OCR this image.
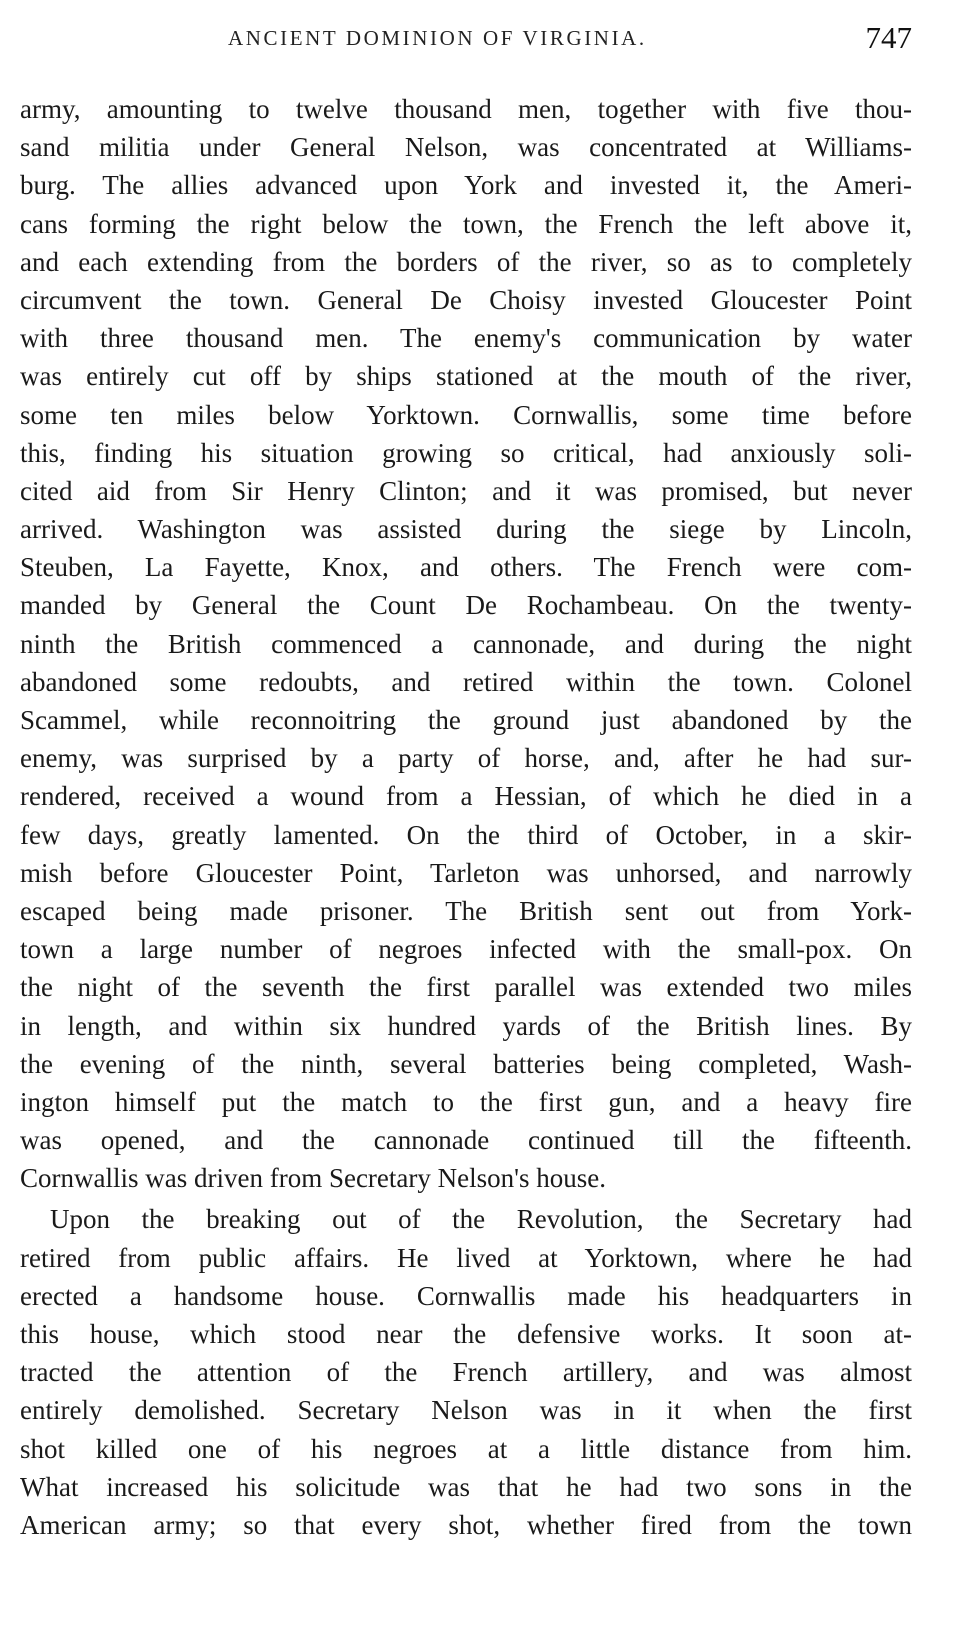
ANCIENT DOMINION OF VIRGINIA.	747
army, amounting to twelve thousand men, together with five thou-
sand militia under General Nelson, was concentrated at Williams-
burg. The allies advanced upon York and invested it, the Ameri-
cans forming the right below the town, the French the left above it,
and each extending from the borders of the river, so as to completely
circumvent the town. General De Choisy invested Gloucester Point
with three thousand men. The enemy's communication by water
was entirely cut off by ships stationed at the mouth of the river,
some ten miles below Yorktown. Cornwallis, some time before
this, finding his situation growing so critical, had anxiously soli-
cited aid from Sir Henry Clinton; and it was promised, but never
arrived. Washington was assisted during the siege by Lincoln,
Steuben, La Fayette, Knox, and others. The French were com-
manded by General the Count De Rochambeau. On the twenty-
ninth the British commenced a cannonade, and during the night
abandoned some redoubts, and retired within the town. Colonel
Scammel, while reconnoitring the ground just abandoned by the
enemy, was surprised by a party of horse, and, after he had sur-
rendered, received a wound from a Hessian, of which he died in a
few days, greatly lamented. On the third of October, in a skir-
mish before Gloucester Point, Tarleton was unhorsed, and narrowly
escaped being made prisoner. The British sent out from York-
town a large number of negroes infected with the small-pox. On
the night of the seventh the first parallel was extended two miles
in length, and within six hundred yards of the British lines. By
the evening of the ninth, several batteries being completed, Wash-
ington himself put the match to the first gun, and a heavy fire
was opened, and the cannonade continued till the fifteenth.
Cornwallis was driven from Secretary Nelson's house.
Upon the breaking out of the Revolution, the Secretary had
retired from public affairs. He lived at Yorktown, where he had
erected a handsome house. Cornwallis made his headquarters in
this house, which stood near the defensive works. It soon at-
tracted the attention of the French artillery, and was almost
entirely demolished. Secretary Nelson was in it when the first
shot killed one of his negroes at a little distance from him.
What increased his solicitude was that he had two sons in the
American army; so that every shot, whether fired from the town
